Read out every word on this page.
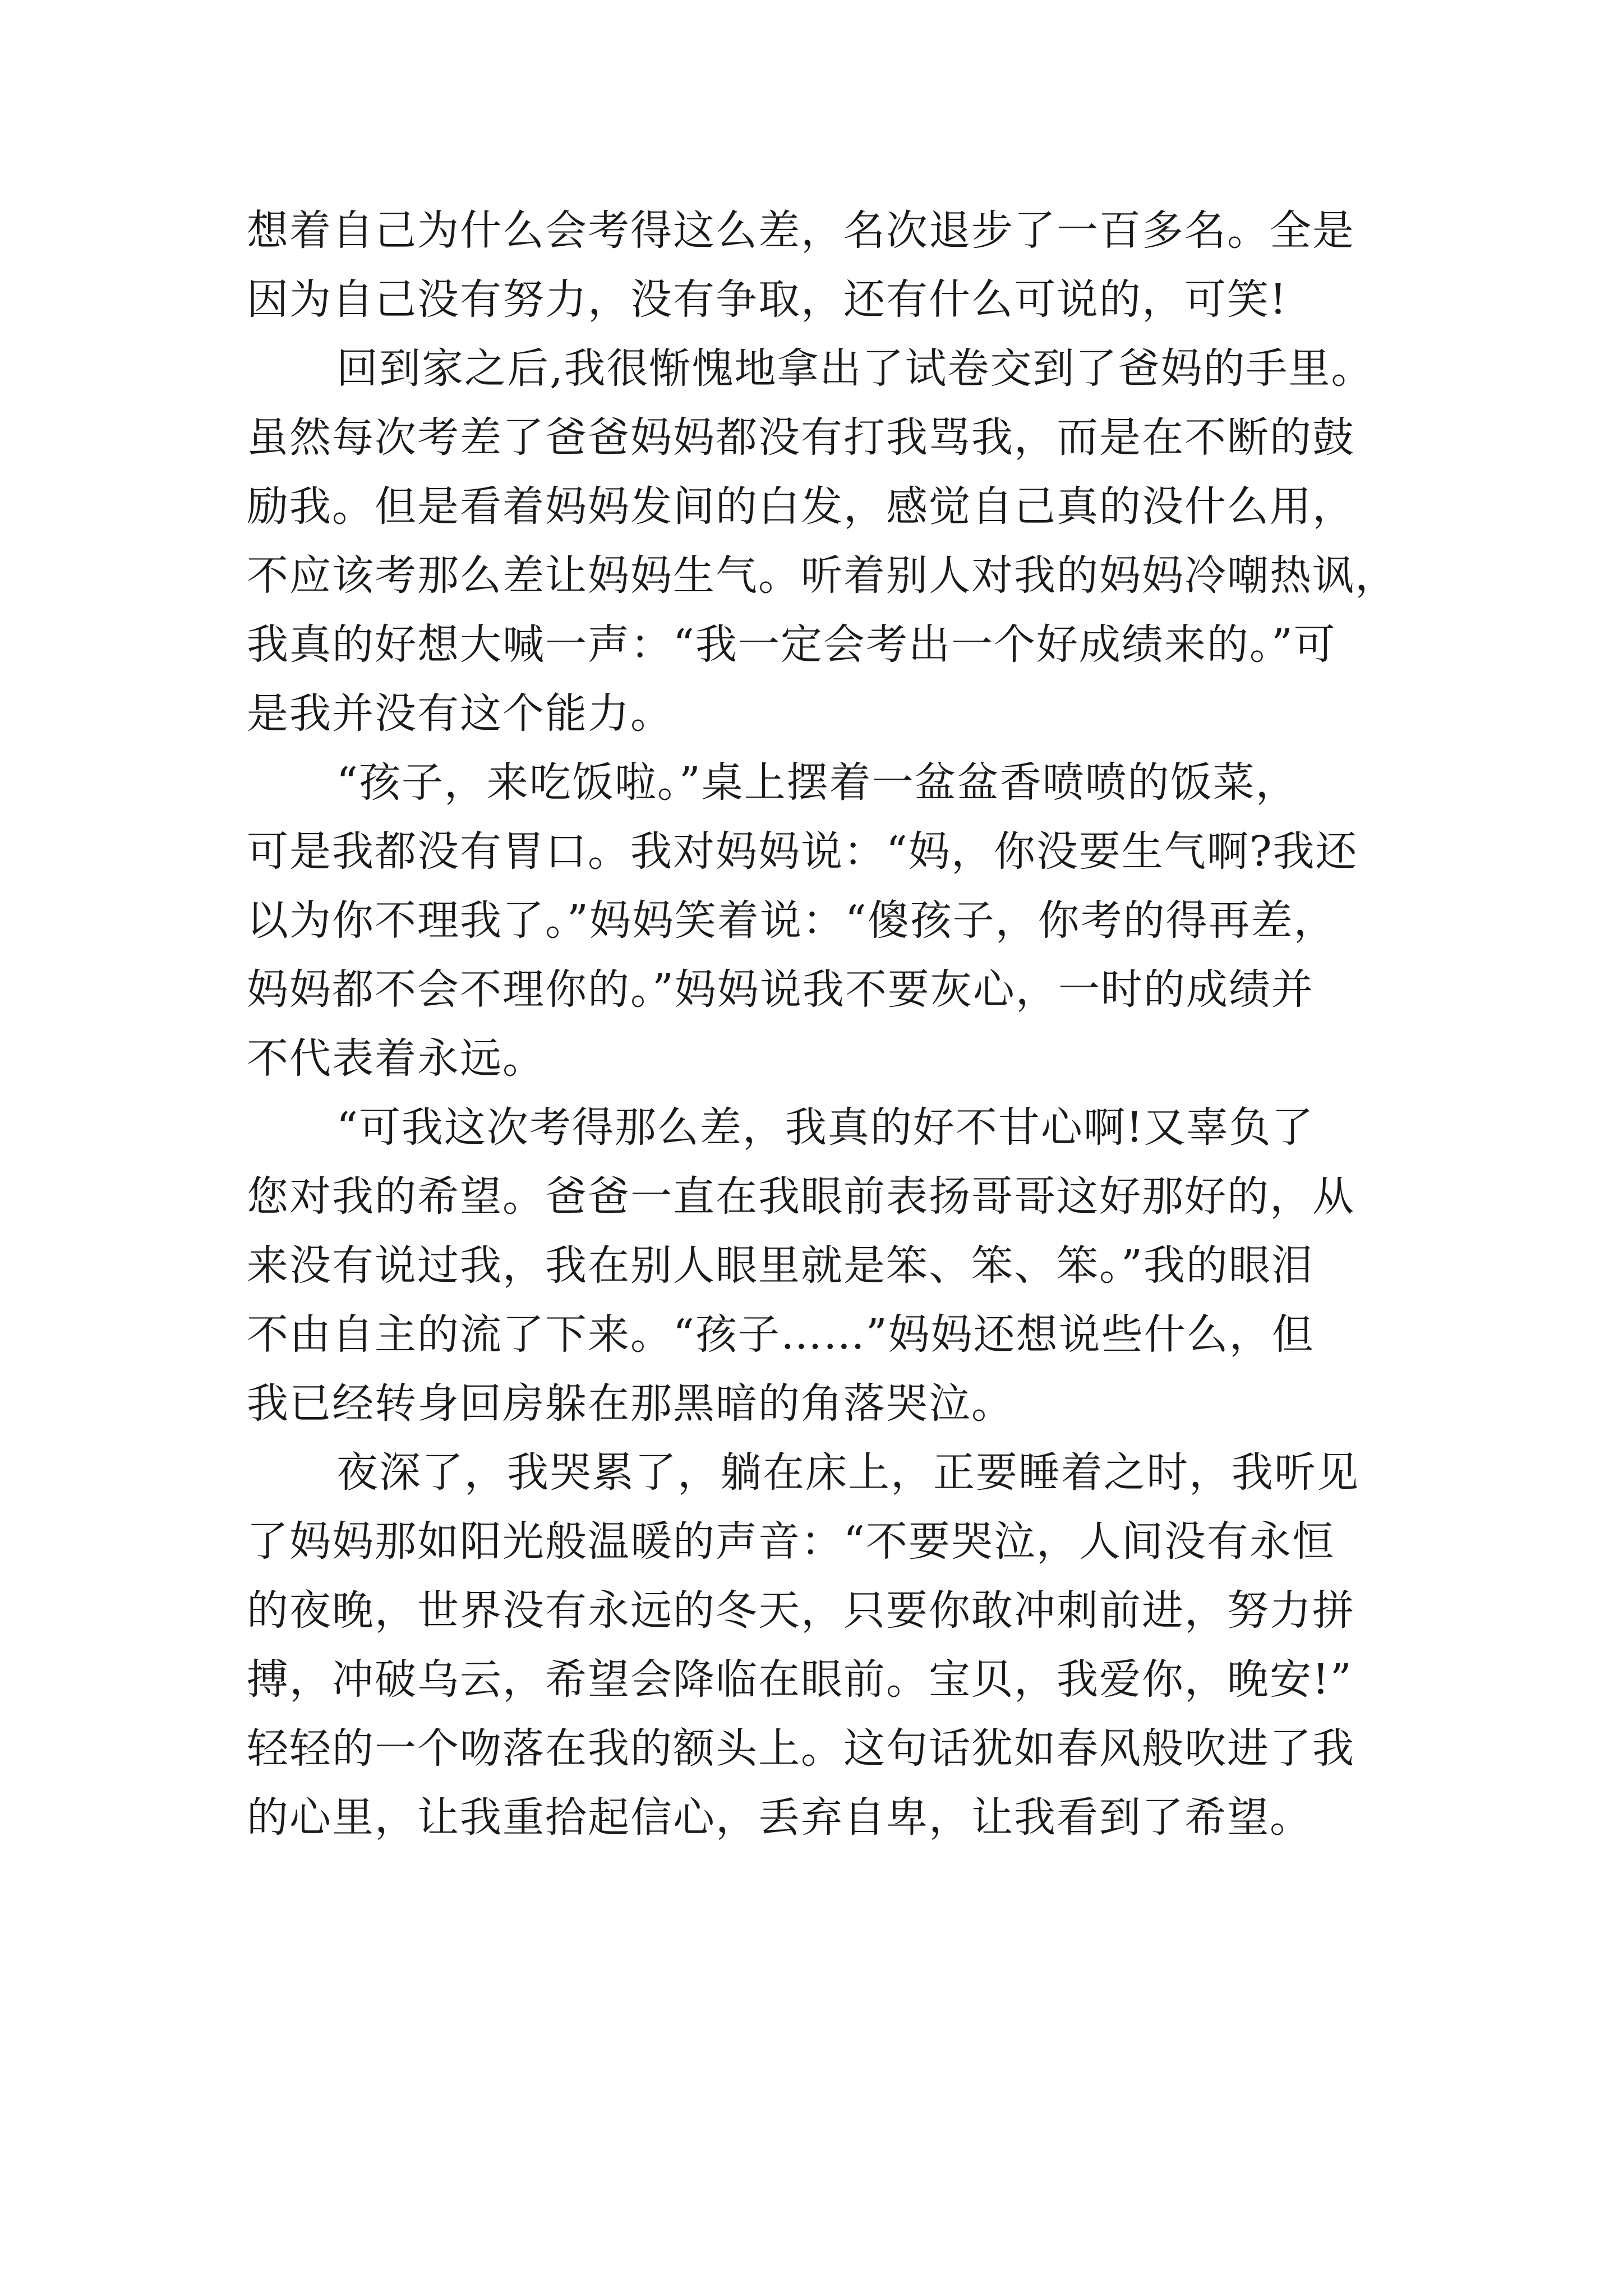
想着自己为什么会考得这么差，名次退步了一百多名。全是
因为自己没有努力，没有争取，还有什么可说的，可笑!
回到家之后,我很惭愧地拿出了试卷交到了爸妈的手里。
虽然每次考差了爸爸妈妈都没有打我骂我，而是在不断的鼓
励我。但是看着妈妈发间的白发，感觉自己真的没什么用，
不应该考那么差让妈妈生气。听着别人对我的妈妈冷嘲热讽，
我真的好想大喊一声：“我一定会考出一个好成绩来的。”可
是我并没有这个能力。
“孩子，来吃饭啦。”桌上摆着一盆盆香喷喷的饭菜，
可是我都没有胃口。我对妈妈说：“妈，你没要生气啊?我还
以为你不理我了。”妈妈笑着说：“傻孩子，你考的得再差，
妈妈都不会不理你的。”妈妈说我不要灰心，一时的成绩并
不代表着永远。
“可我这次考得那么差，我真的好不甘心啊!又辜负了
您对我的希望。爸爸一直在我眼前表扬哥哥这好那好的，从
来没有说过我，我在别人眼里就是笨、笨、笨。”我的眼泪
不由自主的流了下来。“孩子……”妈妈还想说些什么，但
我已经转身回房躲在那黑暗的角落哭泣。
夜深了，我哭累了，躺在床上，正要睡着之时，我听见
了妈妈那如阳光般温暖的声音：“不要哭泣，人间没有永恒
的夜晚，世界没有永远的冬天，只要你敢冲刺前进，努力拼
搏，冲破乌云，希望会降临在眼前。宝贝，我爱你，晚安!”
轻轻的一个吻落在我的额头上。这句话犹如春风般吹进了我
的心里，让我重拾起信心，丢弃自卑，让我看到了希望。
